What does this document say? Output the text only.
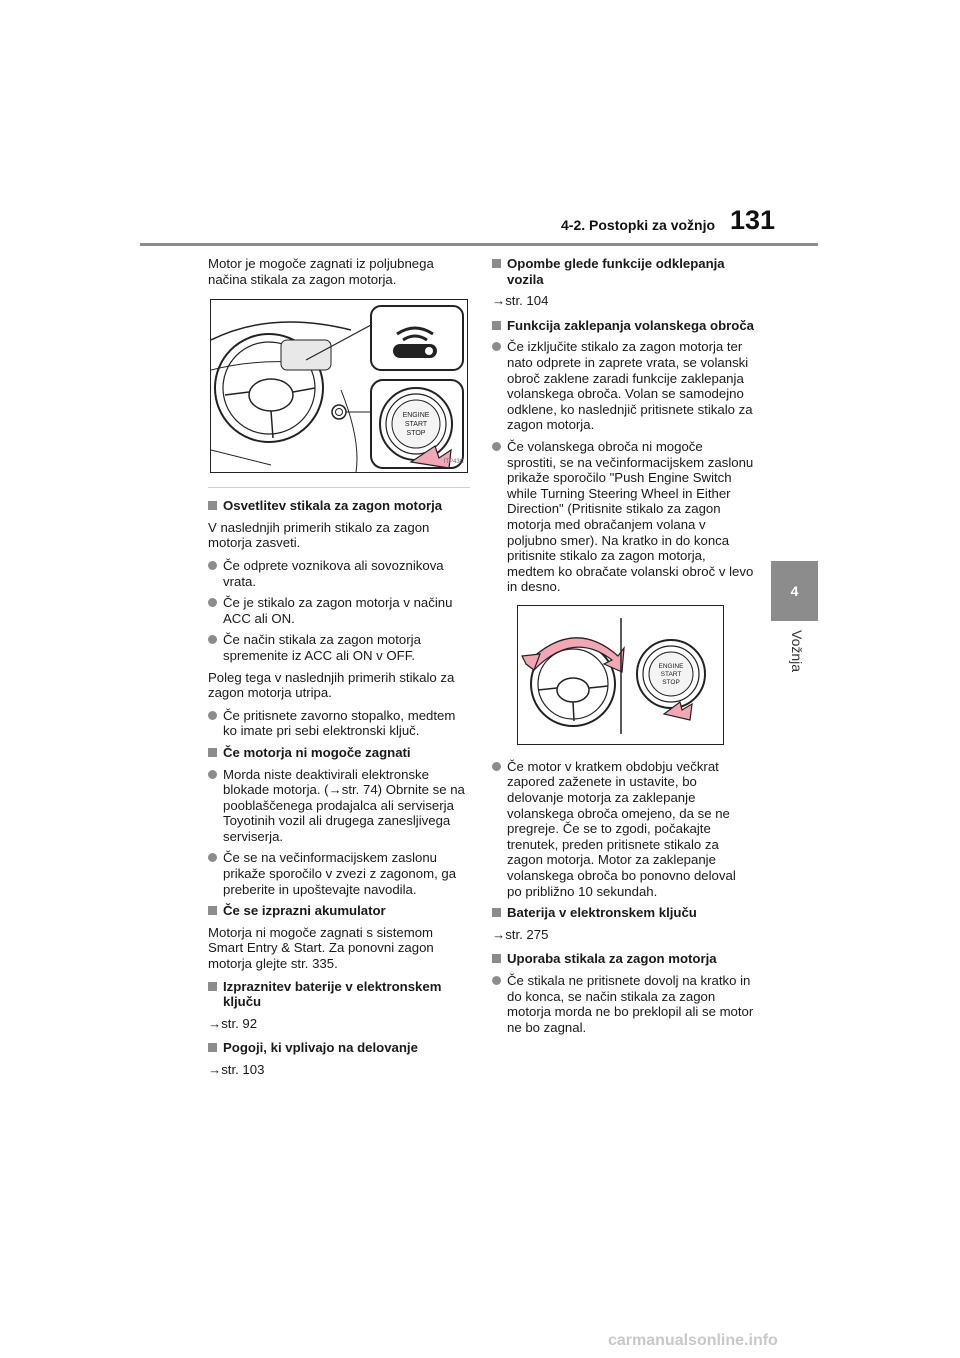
4-2. Postopki za vožnjo 131
4
Vožnja

Motor je mogoče zagnati iz poljubnega načina stikala za zagon motorja.

ENGINE
START
STOP
ITP43C
Osvetlitev stikala za zagon motorja

V naslednjih primerih stikalo za zagon motorja zasveti.

Če odprete voznikova ali sovoznikova vrata.
Če je stikalo za zagon motorja v načinu ACC ali ON.
Če način stikala za zagon motorja spremenite iz ACC ali ON v OFF.

Poleg tega v naslednjih primerih stikalo za zagon motorja utripa.

Če pritisnete zavorno stopalko, medtem ko imate pri sebi elektronski ključ.
Če motorja ni mogoče zagnati
Morda niste deaktivirali elektronske blokade motorja. (→str. 74) Obrnite se na pooblaščenega prodajalca ali serviserja Toyotinih vozil ali drugega zanesljivega serviserja.
Če se na večinformacijskem zaslonu prikaže sporočilo v zvezi z zagonom, ga preberite in upoštevajte navodila.
Če se izprazni akumulator

Motorja ni mogoče zagnati s sistemom Smart Entry & Start. Za ponovni zagon motorja glejte str. 335.

Izpraznitev baterije v elektronskem ključu

→str. 92

Pogoji, ki vplivajo na delovanje

→str. 103

Opombe glede funkcije odklepanja vozila

→str. 104

Funkcija zaklepanja volanskega obroča
Če izključite stikalo za zagon motorja ter nato odprete in zaprete vrata, se volanski obroč zaklene zaradi funkcije zaklepanja volanskega obroča. Volan se samodejno odklene, ko naslednjič pritisnete stikalo za zagon motorja.
Če volanskega obroča ni mogoče sprostiti, se na večinformacijskem zaslonu prikaže sporočilo "Push Engine Switch while Turning Steering Wheel in Either Direction" (Pritisnite stikalo za zagon motorja med obračanjem volana v poljubno smer). Na kratko in do konca pritisnite stikalo za zagon motorja, medtem ko obračate volanski obroč v levo in desno.
ENGINE
START
STOP
Če motor v kratkem obdobju večkrat zapored zaženete in ustavite, bo delovanje motorja za zaklepanje volanskega obroča omejeno, da se ne pregreje. Če se to zgodi, počakajte trenutek, preden pritisnete stikalo za zagon motorja. Motor za zaklepanje volanskega obroča bo ponovno deloval po približno 10 sekundah.
Baterija v elektronskem ključu

→str. 275

Uporaba stikala za zagon motorja
Če stikala ne pritisnete dovolj na kratko in do konca, se način stikala za zagon motorja morda ne bo preklopil ali se motor ne bo zagnal.
carmanualsonline.info
